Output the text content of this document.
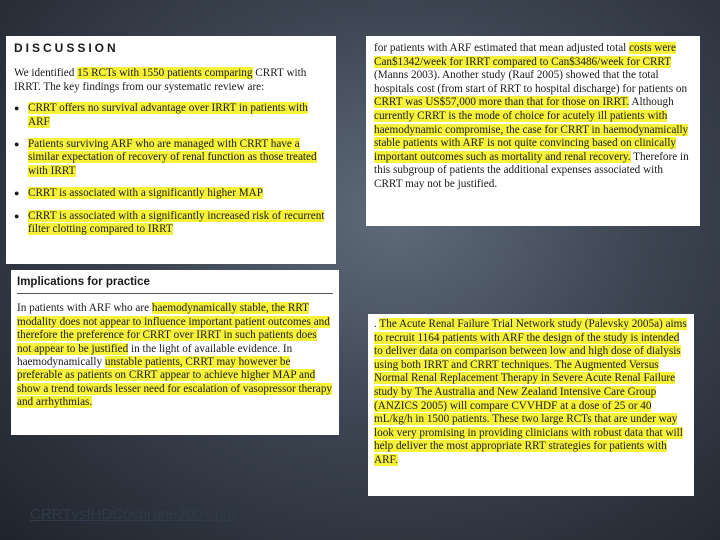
DISCUSSION

We identified 15 RCTs with 1550 patients comparing CRRT with IRRT. The key findings from our systematic review are:

● CRRT offers no survival advantage over IRRT in patients with ARF
● Patients surviving ARF who are managed with CRRT have a similar expectation of recovery of renal function as those treated with IRRT
● CRRT is associated with a significantly higher MAP
● CRRT is associated with a significantly increased risk of recurrent filter clotting compared to IRRT
Implications for practice

In patients with ARF who are haemodynamically stable, the RRT modality does not appear to influence important patient outcomes and therefore the preference for CRRT over IRRT in such patients does not appear to be justified in the light of available evidence. In haemodynamically unstable patients, CRRT may however be preferable as patients on CRRT appear to achieve higher MAP and show a trend towards lesser need for escalation of vasopressor therapy and arrhythmias.

for patients with ARF estimated that mean adjusted total costs were Can$1342/week for IRRT compared to Can$3486/week for CRRT (Manns 2003). Another study (Rauf 2005) showed that the total hospitals cost (from start of RRT to hospital discharge) for patients on CRRT was US$57,000 more than that for those on IRRT. Although currently CRRT is the mode of choice for acutely ill patients with haemodynamic compromise, the case for CRRT in haemodynamically stable patients with ARF is not quite convincing based on clinically important outcomes such as mortality and renal recovery. Therefore in this subgroup of patients the additional expenses associated with CRRT may not be justified.

. The Acute Renal Failure Trial Network study (Palevsky 2005a) aims to recruit 1164 patients with ARF the design of the study is intended to deliver data on comparison between low and high dose of dialysis using both IRRT and CRRT techniques. The Augmented Versus Normal Renal Replacement Therapy in Severe Acute Renal Failure study by The Australia and New Zealand Intensive Care Group (ANZICS 2005) will compare CVVHDF at a dose of 25 or 40 mL/kg/h in 1500 patients. These two large RCTs that are under way look very promising in providing clinicians with robust data that will help deliver the most appropriate RRT strategies for patients with ARF.

CRRTvsIHDCochrane2007.pdf
